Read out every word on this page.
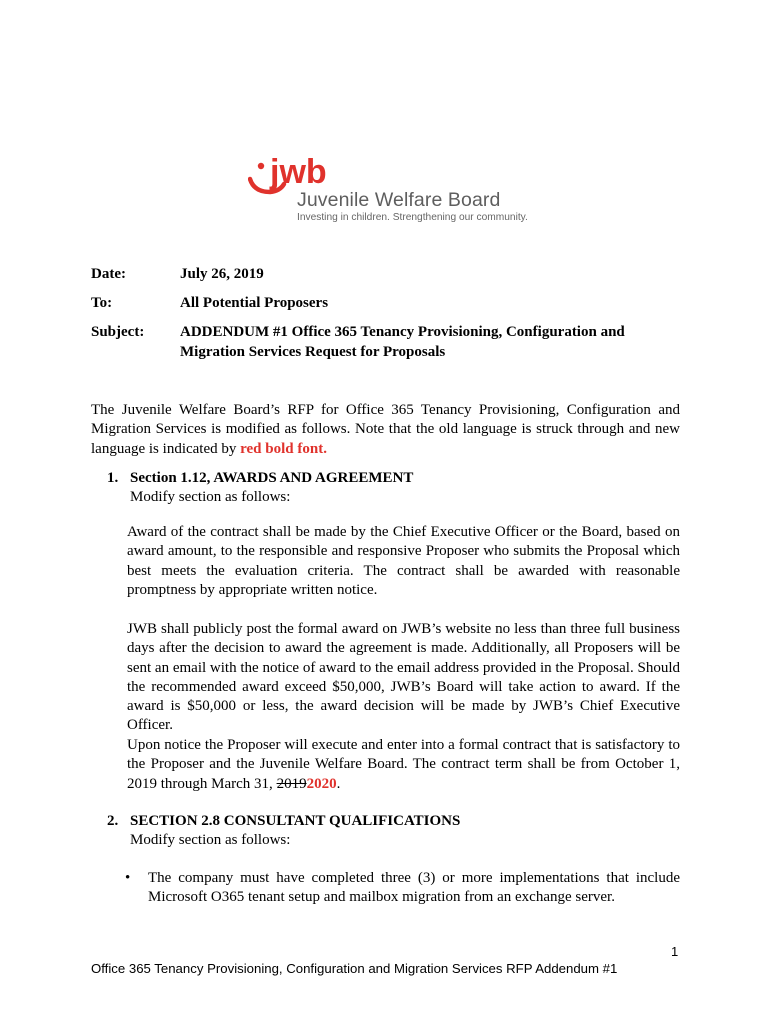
jwb
Juvenile Welfare Board
Investing in children. Strengthening our community.
Date:	July 26, 2019
To:	All Potential Proposers
Subject: ADDENDUM #1 Office 365 Tenancy Provisioning, Configuration and
Migration Services Request for Proposals
The Juvenile Welfare Board’s RFP for Office 365 Tenancy Provisioning, Configuration and Migration Services is modified as follows. Note that the old language is struck through and new language is indicated by red bold font.
1. Section 1.12, AWARDS AND AGREEMENT
Modify section as follows:
Award of the contract shall be made by the Chief Executive Officer or the Board, based on award amount, to the responsible and responsive Proposer who submits the Proposal which best meets the evaluation criteria. The contract shall be awarded with reasonable promptness by appropriate written notice.
JWB shall publicly post the formal award on JWB’s website no less than three full business days after the decision to award the agreement is made. Additionally, all Proposers will be sent an email with the notice of award to the email address provided in the Proposal. Should the recommended award exceed $50,000, JWB’s Board will take action to award. If the award is $50,000 or less, the award decision will be made by JWB’s Chief Executive Officer.
Upon notice the Proposer will execute and enter into a formal contract that is satisfactory to the Proposer and the Juvenile Welfare Board. The contract term shall be from October 1, 2019 through March 31, 20192020.
2. SECTION 2.8 CONSULTANT QUALIFICATIONS
Modify section as follows:
• The company must have completed three (3) or more implementations that include Microsoft O365 tenant setup and mailbox migration from an exchange server.
1
Office 365 Tenancy Provisioning, Configuration and Migration Services RFP Addendum #1
